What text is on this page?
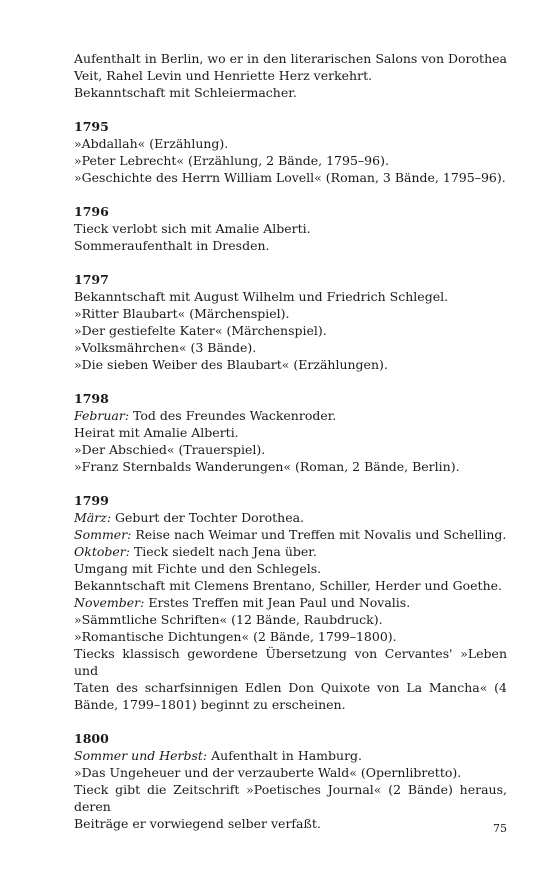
Aufenthalt in Berlin, wo er in den literarischen Salons von Dorothea
Veit, Rahel Levin und Henriette Herz verkehrt.
Bekanntschaft mit Schleiermacher.
1795
»Abdallah« (Erzählung).
»Peter Lebrecht« (Erzählung, 2 Bände, 1795–96).
»Geschichte des Herrn William Lovell« (Roman, 3 Bände, 1795–96).
1796
Tieck verlobt sich mit Amalie Alberti.
Sommeraufenthalt in Dresden.
1797
Bekanntschaft mit August Wilhelm und Friedrich Schlegel.
»Ritter Blaubart« (Märchenspiel).
»Der gestiefelte Kater« (Märchenspiel).
»Volksmährchen« (3 Bände).
»Die sieben Weiber des Blaubart« (Erzählungen).
1798
Februar: Tod des Freundes Wackenroder.
Heirat mit Amalie Alberti.
»Der Abschied« (Trauerspiel).
»Franz Sternbalds Wanderungen« (Roman, 2 Bände, Berlin).
1799
März: Geburt der Tochter Dorothea.
Sommer: Reise nach Weimar und Treffen mit Novalis und Schelling.
Oktober: Tieck siedelt nach Jena über.
Umgang mit Fichte und den Schlegels.
Bekanntschaft mit Clemens Brentano, Schiller, Herder und Goethe.
November: Erstes Treffen mit Jean Paul und Novalis.
»Sämmtliche Schriften« (12 Bände, Raubdruck).
»Romantische Dichtungen« (2 Bände, 1799–1800).
Tiecks klassisch gewordene Übersetzung von Cervantes' »Leben und
Taten des scharfsinnigen Edlen Don Quixote von La Mancha« (4
Bände, 1799–1801) beginnt zu erscheinen.
1800
Sommer und Herbst: Aufenthalt in Hamburg.
»Das Ungeheuer und der verzauberte Wald« (Opernlibretto).
Tieck gibt die Zeitschrift »Poetisches Journal« (2 Bände) heraus, deren
Beiträge er vorwiegend selber verfaßt.	75
